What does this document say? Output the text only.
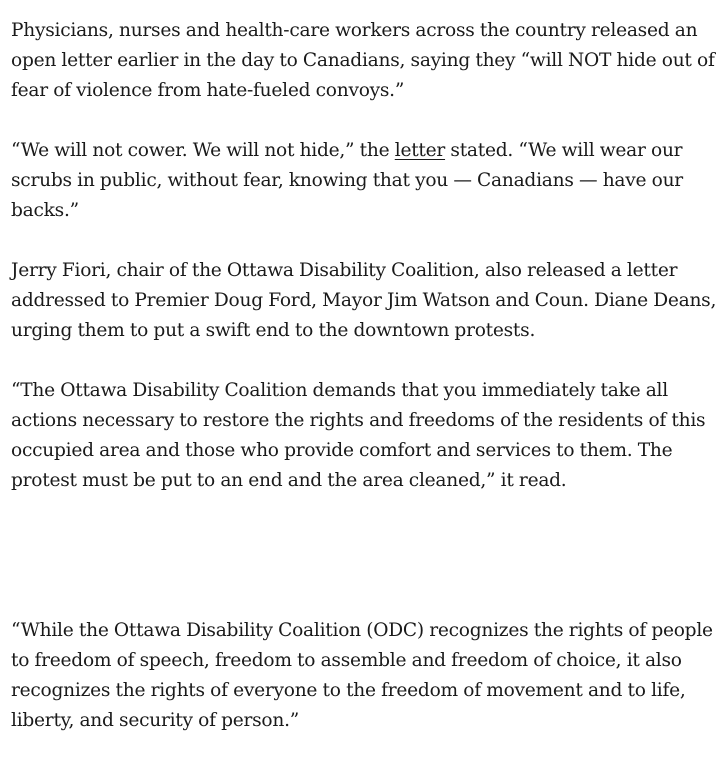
Physicians, nurses and health-care workers across the country released an open letter earlier in the day to Canadians, saying they “will NOT hide out of fear of violence from hate-fueled convoys.”

“We will not cower. We will not hide,” the letter stated. “We will wear our scrubs in public, without fear, knowing that you — Canadians — have our backs.”

Jerry Fiori, chair of the Ottawa Disability Coalition, also released a letter addressed to Premier Doug Ford, Mayor Jim Watson and Coun. Diane Deans, urging them to put a swift end to the downtown protests.

“The Ottawa Disability Coalition demands that you immediately take all actions necessary to restore the rights and freedoms of the residents of this occupied area and those who provide comfort and services to them. The protest must be put to an end and the area cleaned,” it read.

“While the Ottawa Disability Coalition (ODC) recognizes the rights of people to freedom of speech, freedom to assemble and freedom of choice, it also recognizes the rights of everyone to the freedom of movement and to life, liberty, and security of person.”
